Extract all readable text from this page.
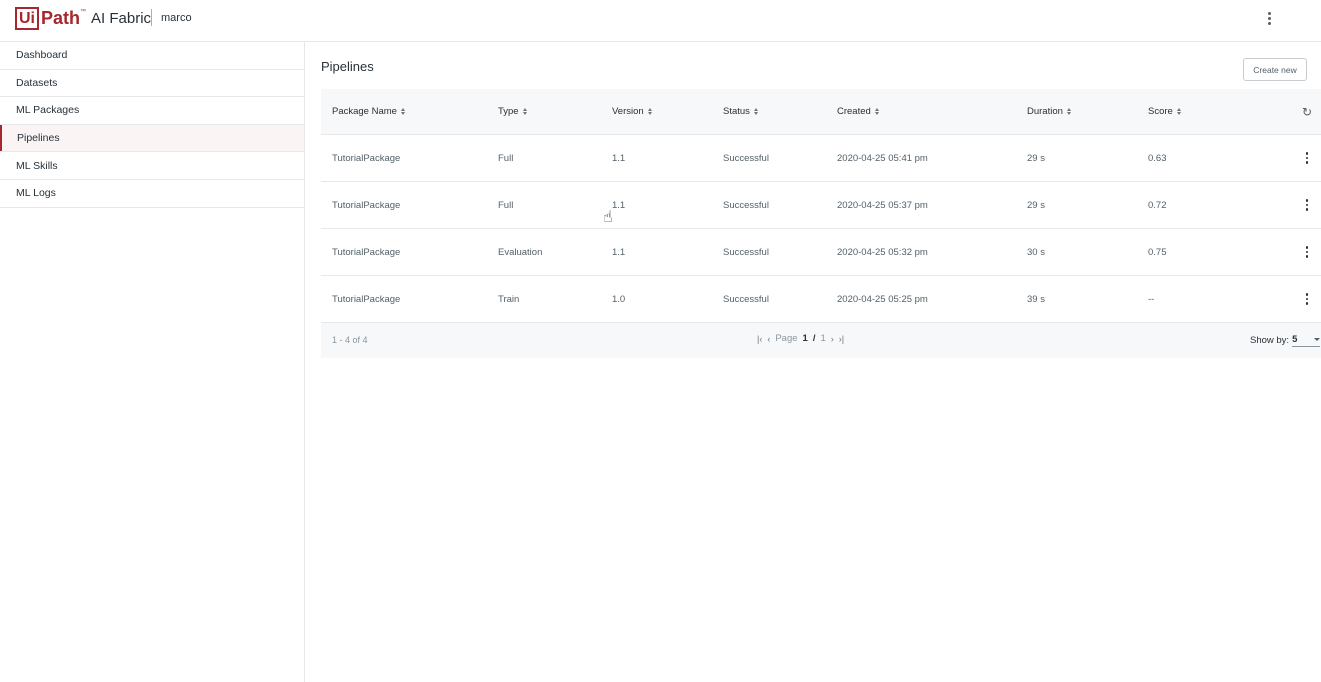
Ui Path ™ AI Fabric marco
Dashboard
Datasets
ML Packages
Pipelines
ML Skills
ML Logs
Pipelines	Create new
Package Name	Type	Version	Status	Created	Duration	Score	↻
TutorialPackage	Full	1.1	Successful	2020-04-25 05:41 pm	29 s	0.63
TutorialPackage	Full	1.1	Successful	2020-04-25 05:37 pm	29 s	0.72
TutorialPackage	Evaluation	1.1	Successful	2020-04-25 05:32 pm	30 s	0.75
TutorialPackage	Train	1.0	Successful	2020-04-25 05:25 pm	39 s	--
1 - 4 of 4	|‹ ‹ Page 1 / 1 › ›|	Show by: 5
☝
